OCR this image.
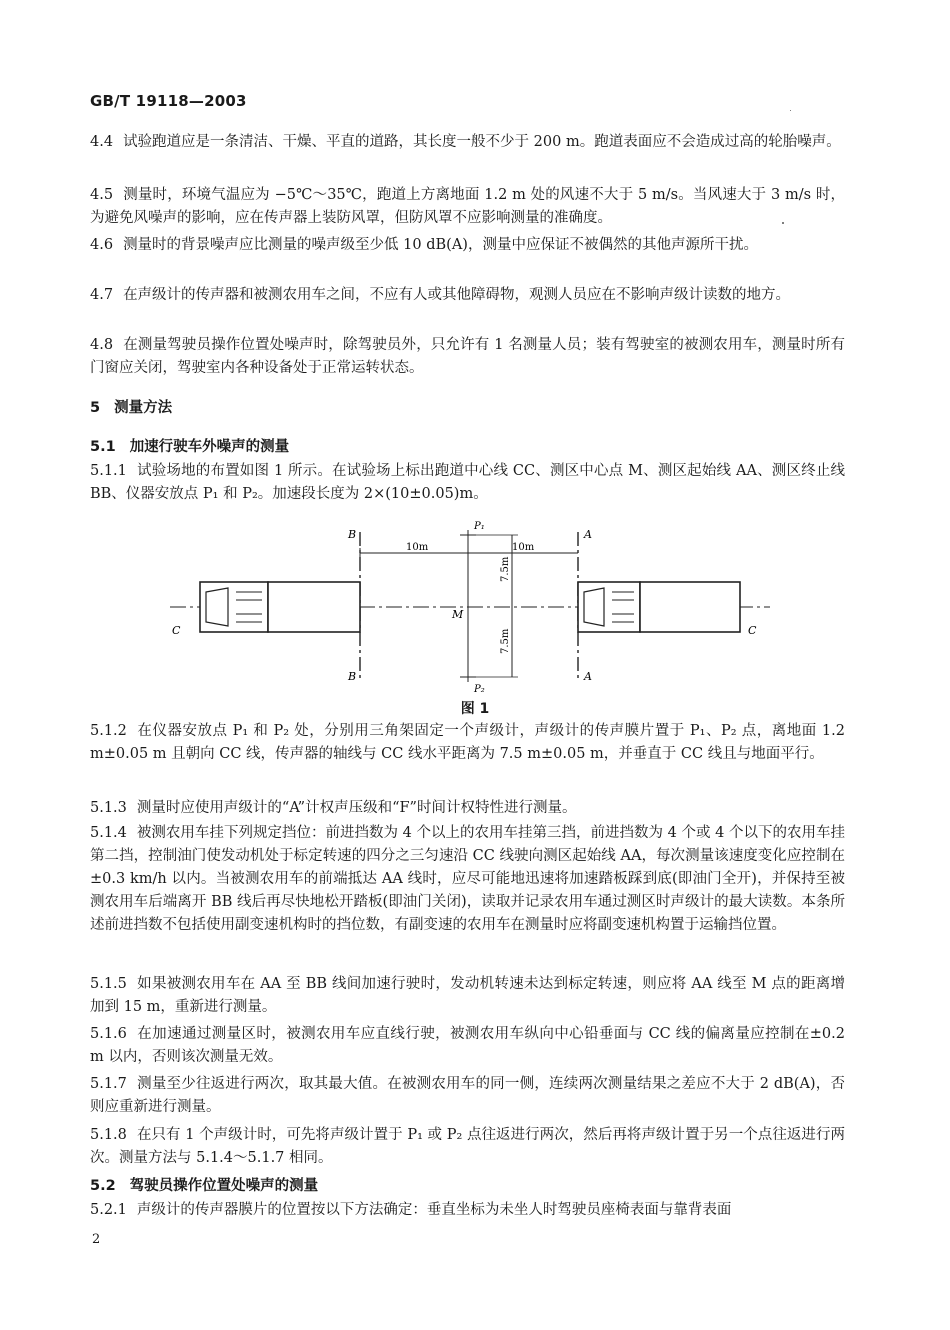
GB/T 19118—2003
4.4 试验跑道应是一条清洁、干燥、平直的道路，其长度一般不少于 200 m。跑道表面应不会造成过高的轮胎噪声。
4.5 测量时，环境气温应为 −5℃～35℃，跑道上方离地面 1.2 m 处的风速不大于 5 m/s。当风速大于 3 m/s 时，为避免风噪声的影响，应在传声器上装防风罩，但防风罩不应影响测量的准确度。
4.6 测量时的背景噪声应比测量的噪声级至少低 10 dB(A)，测量中应保证不被偶然的其他声源所干扰。
4.7 在声级计的传声器和被测农用车之间，不应有人或其他障碍物，观测人员应在不影响声级计读数的地方。
4.8 在测量驾驶员操作位置处噪声时，除驾驶员外，只允许有 1 名测量人员；装有驾驶室的被测农用车，测量时所有门窗应关闭，驾驶室内各种设备处于正常运转状态。
5 测量方法
5.1 加速行驶车外噪声的测量
5.1.1 试验场地的布置如图 1 所示。在试验场上标出跑道中心线 CC、测区中心点 M、测区起始线 AA、测区终止线 BB、仪器安放点 P₁ 和 P₂。加速段长度为 2×(10±0.05)m。
B
B
A
A
P₁
P₂
M
C	C
10m	10m
7.5m
7.5m
图 1
5.1.2 在仪器安放点 P₁ 和 P₂ 处，分别用三角架固定一个声级计，声级计的传声膜片置于 P₁、P₂ 点，离地面 1.2 m±0.05 m 且朝向 CC 线，传声器的轴线与 CC 线水平距离为 7.5 m±0.05 m，并垂直于 CC 线且与地面平行。
5.1.3 测量时应使用声级计的“A”计权声压级和“F”时间计权特性进行测量。
5.1.4 被测农用车挂下列规定挡位：前进挡数为 4 个以上的农用车挂第三挡，前进挡数为 4 个或 4 个以下的农用车挂第二挡，控制油门使发动机处于标定转速的四分之三匀速沿 CC 线驶向测区起始线 AA，每次测量该速度变化应控制在±0.3 km/h 以内。当被测农用车的前端抵达 AA 线时，应尽可能地迅速将加速踏板踩到底(即油门全开)，并保持至被测农用车后端离开 BB 线后再尽快地松开踏板(即油门关闭)，读取并记录农用车通过测区时声级计的最大读数。本条所述前进挡数不包括使用副变速机构时的挡位数，有副变速的农用车在测量时应将副变速机构置于运输挡位置。
5.1.5 如果被测农用车在 AA 至 BB 线间加速行驶时，发动机转速未达到标定转速，则应将 AA 线至 M 点的距离增加到 15 m，重新进行测量。
5.1.6 在加速通过测量区时，被测农用车应直线行驶，被测农用车纵向中心铅垂面与 CC 线的偏离量应控制在±0.2 m 以内，否则该次测量无效。
5.1.7 测量至少往返进行两次，取其最大值。在被测农用车的同一侧，连续两次测量结果之差应不大于 2 dB(A)，否则应重新进行测量。
5.1.8 在只有 1 个声级计时，可先将声级计置于 P₁ 或 P₂ 点往返进行两次，然后再将声级计置于另一个点往返进行两次。测量方法与 5.1.4～5.1.7 相同。
5.2 驾驶员操作位置处噪声的测量
5.2.1 声级计的传声器膜片的位置按以下方法确定：垂直坐标为未坐人时驾驶员座椅表面与靠背表面
2
